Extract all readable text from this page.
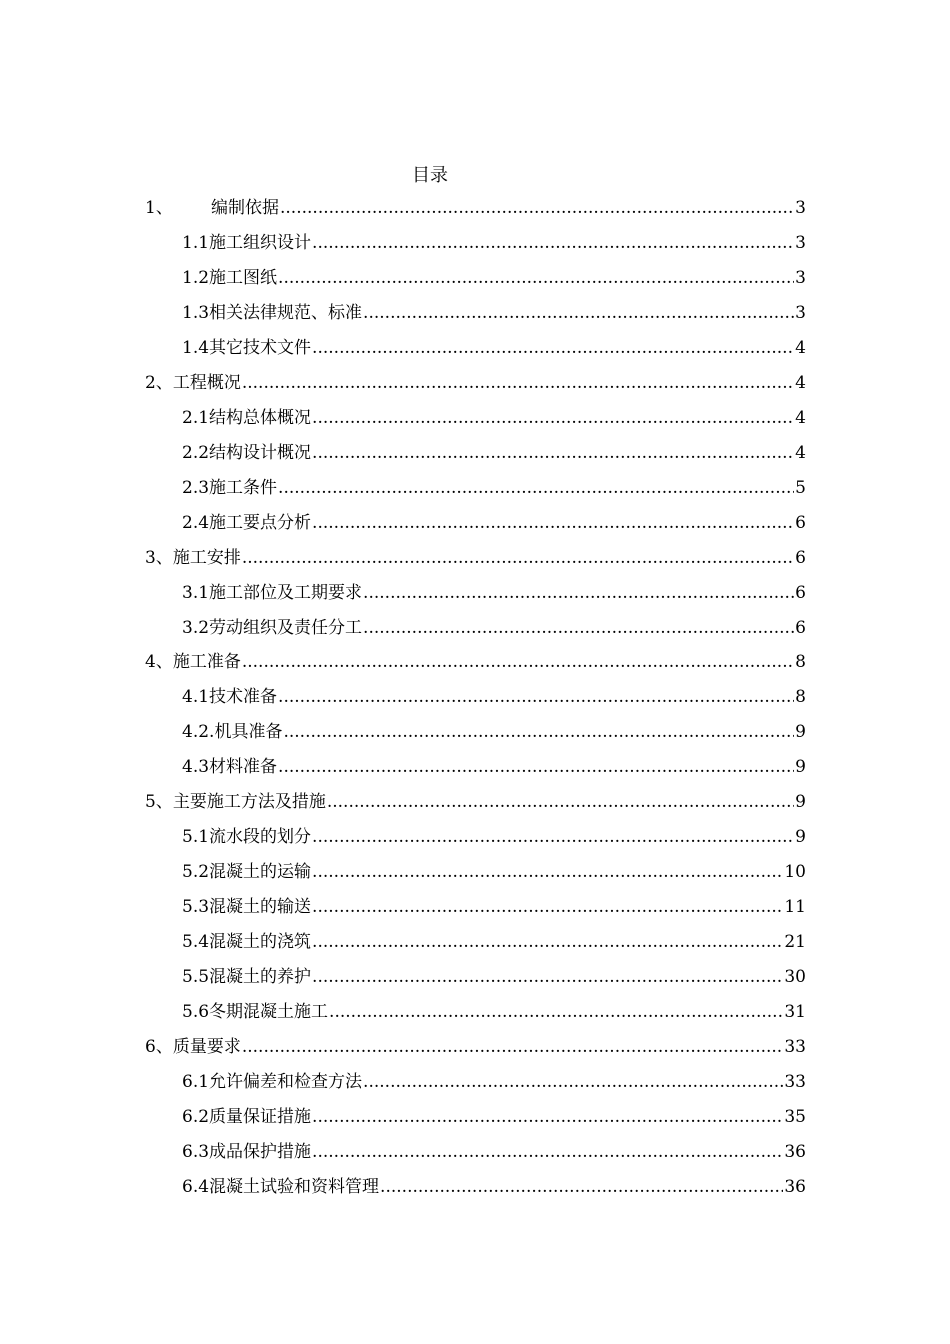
目录
1、	编制依据 .....	3
1.1 施工组织设计 .....	3
1.2 施工图纸 .....	3
1.3 相关法律规范、标准 .....	3
1.4 其它技术文件 .....	4
2、 工程概况 .....	4
2.1 结构总体概况 .....	4
2.2 结构设计概况 .....	4
2.3 施工条件 .....	5
2.4 施工要点分析 .....	6
3、 施工安排 .....	6
3.1 施工部位及工期要求 .....	6
3.2 劳动组织及责任分工 .....	6
4、 施工准备 .....	8
4.1 技术准备 .....	8
4.2. 机具准备 .....	9
4.3 材料准备 .....	9
5、 主要施工方法及措施 .....	9
5.1 流水段的划分 .....	9
5.2 混凝土的运输 .....	10
5.3 混凝土的输送 .....	11
5.4 混凝土的浇筑 .....	21
5.5 混凝土的养护 .....	30
5.6 冬期混凝土施工 .....	31
6、 质量要求 .....	33
6.1 允许偏差和检查方法 .....	33
6.2 质量保证措施 .....	35
6.3 成品保护措施 .....	36
6.4 混凝土试验和资料管理 .....	36
